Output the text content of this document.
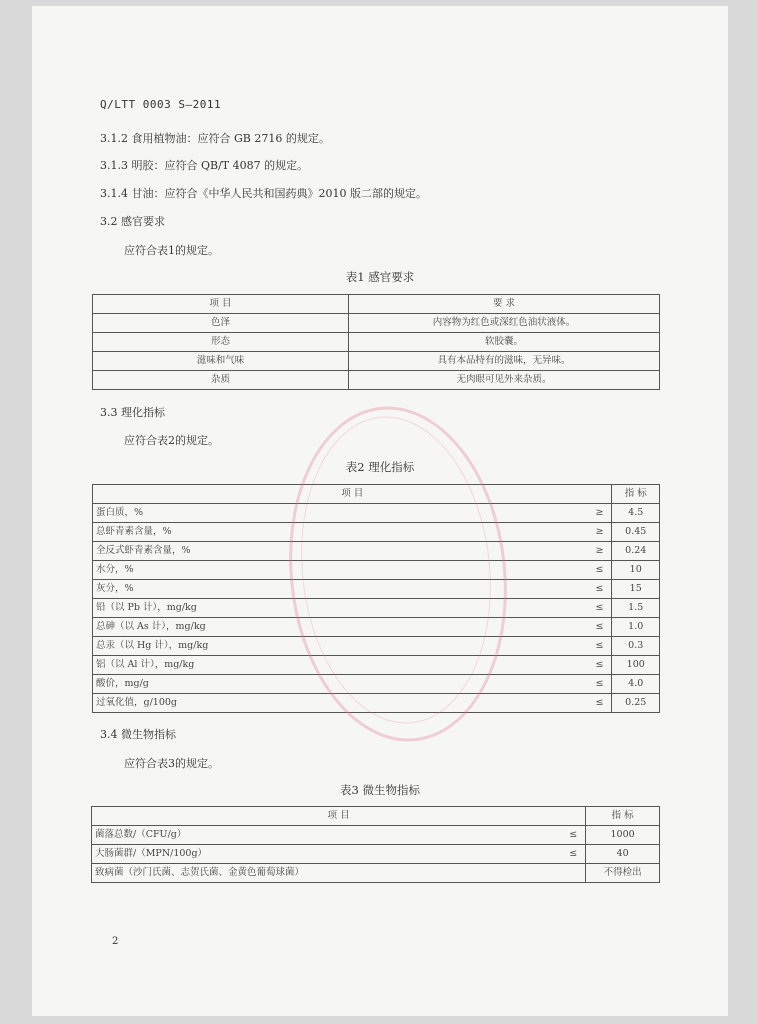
Q/LTT 0003 S—2011
3.1.2 食用植物油：应符合 GB 2716 的规定。
3.1.3 明胶：应符合 QB/T 4087 的规定。
3.1.4 甘油：应符合《中华人民共和国药典》2010 版二部的规定。
3.2 感官要求
应符合表1的规定。
表1 感官要求
项 目	要 求
色泽	内容物为红色或深红色油状液体。
形态	软胶囊。
滋味和气味	具有本品特有的滋味，无异味。
杂质	无肉眼可见外来杂质。
3.3 理化指标
应符合表2的规定。
表2 理化指标
项 目		指 标
蛋白质，%	≥	4.5
总虾青素含量，%	≥	0.45
全反式虾青素含量，%	≥	0.24
水分，%	≤	10
灰分，%	≤	15
铅（以 Pb 计），mg/kg	≤	1.5
总砷（以 As 计），mg/kg	≤	1.0
总汞（以 Hg 计），mg/kg	≤	0.3
铝（以 Al 计），mg/kg	≤	100
酸价，mg/g	≤	4.0
过氧化值，g/100g	≤	0.25
3.4 微生物指标
应符合表3的规定。
表3 微生物指标
项 目		指 标
菌落总数/（CFU/g）	≤	1000
大肠菌群/（MPN/100g）	≤	40
致病菌（沙门氏菌、志贺氏菌、金黄色葡萄球菌）		不得检出
2
